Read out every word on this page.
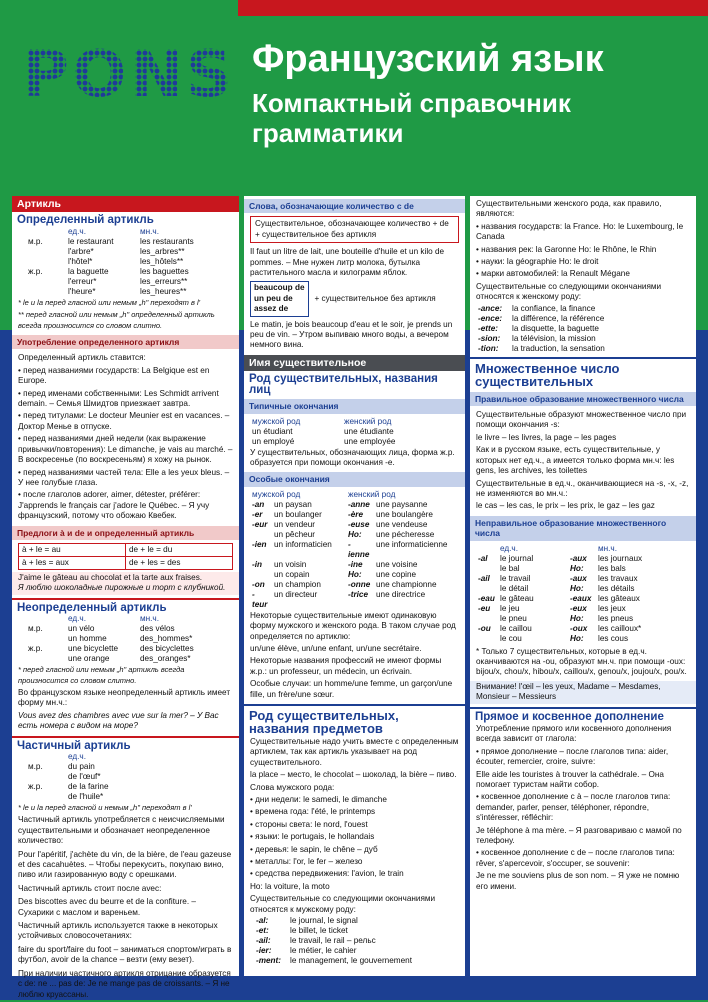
PONS Французский язык
Компактный справочник
грамматики
Артикль
Определенный артикль
	ед.ч.	мн.ч.
м.р.	le restaurant	les restaurants
	l'arbre*	les_arbres**
	l'hôtel*	les_hôtels**
ж.р.	la baguette	les baguettes
	l'erreur*	les_erreurs**
	l'heure*	les_heures**
* le и la перед гласной или немым „h" переходят в l'
** перед гласной или немым „h" определенный артикль всегда произносится со словом слитно.
Употребление определенного артикля
Определенный артикль ставится:
• перед названиями государств: La Belgique est en Europe.
• перед именами собственными: Les Schmidt arrivent demain. – Семья Шмидтов приезжает завтра.
• перед титулами: Le docteur Meunier est en vacances. – Доктор Менье в отпуске.
• перед названиями дней недели (как выражение привычки/повторения): Le dimanche, je vais au marché. – В воскресенье (по воскресеньям) я хожу на рынок.
• перед названиями частей тела: Elle a les yeux bleus. – У нее голубые глаза.
• после глаголов adorer, aimer, détester, préférer: J'apprends le français car j'adore le Québec. – Я учу французский, потому что обожаю Квебек.
Предлоги à и de и определенный артикль
à + le = au	de + le = du
à + les = aux	de + les = des
J'aime le gâteau au chocolat et la tarte aux fraises.
Я люблю шоколадные пирожные и торт с клубникой.
Неопределенный артикль
	ед.ч.	мн.ч.
м.р.	un vélo	des vélos
	un homme	des_hommes*
ж.р.	une bicyclette	des bicyclettes
	une orange	des_oranges*
* перед гласной или немым „h" артикль всегда произносится со словом слитно.
Во французском языке неопределенный артикль имеет форму мн.ч.:
Vous avez des chambres avec vue sur la mer? – У Вас есть номера с видом на море?
Частичный артикль
	ед.ч.
м.р.	du pain
	de l'œuf*
ж.р.	de la farine
	de l'huile*
* le и la перед гласной и немым „h" переходят в l'
Частичный артикль употребляется с неисчисляемыми существительными и обозначает неопределенное количество:
Pour l'apéritif, j'achète du vin, de la bière, de l'eau gazeuse et des cacahuètes. – Чтобы перекусить, покупаю вино, пиво или газированную воду с орешками.
Частичный артикль стоит после avec:
Des biscottes avec du beurre et de la confiture. – Сухарики с маслом и вареньем.
Частичный артикль используется также в некоторых устойчивых словосочетаниях:
faire du sport/faire du foot – заниматься спортом/играть в футбол, avoir de la chance – везти (ему везет).
При наличии частичного артикля отрицание образуется с de: ne ... pas de: Je ne mange pas de croissants. – Я не люблю круассаны.
Слова, обозначающие количество с de
Существительное, обозначающее количество + de + существительное без артикля
Il faut un litre de lait, une bouteille d'huile et un kilo de pommes. – Мне нужен литр молока, бутылка растительного масла и килограмм яблок.
beaucoup de
un peu de
assez de
+ существительное без артикля
Le matin, je bois beaucoup d'eau et le soir, je prends un peu de vin. – Утром выпиваю много воды, а вечером немного вина.
Имя существительное
Род существительных, названия лиц
Типичные окончания
мужской род	женский род
un étudiant	une étudiante
un employé	une employée
У существительных, обозначающих лица, форма ж.р. образуется при помощи окончания -e.
Особые окончания
мужской род		женский род	
-an	un paysan	-anne	une paysanne
-er	un boulanger	-ère	une boulangère
-eur	un vendeur	-euse	une vendeuse
	un pêcheur	Но:	une pécheresse
-ien	un informaticien	-ienne	une informaticienne
-in	un voisin	-ine	une voisine
	un copain	Но:	une copine
-on	un champion	-onne	une championne
-teur	un directeur	-trice	une directrice
Некоторые существительные имеют одинаковую форму мужского и женского рода. В таком случае род определяется по артиклю:
un/une élève, un/une enfant, un/une secrétaire.
Некоторые названия профессий не имеют формы ж.р.: un professeur, un médecin, un écrivain.
Особые случаи: un homme/une femme, un garçon/une fille, un frère/une sœur.
Род существительных, названия предметов
Существительные надо учить вместе с определенным артиклем, так как артикль указывает на род существительного.
la place – место, le chocolat – шоколад, la bière – пиво.
Слова мужского рода:
• дни недели: le samedi, le dimanche
• времена года: l'été, le printemps
• стороны света: le nord, l'ouest
• языки: le portugais, le hollandais
• деревья: le sapin, le chêne – дуб
• металлы: l'or, le fer – железо
• средства передвижения: l'avion, le train
Но: la voiture, la moto
Существительные со следующими окончаниями относятся к мужскому роду:
-al:	le journal, le signal
-et:	le billet, le ticket
-ail:	le travail, le rail – рельс
-ier:	le métier, le cahier
-ment:	le management, le gouvernement
Существительными женского рода, как правило, являются:
• названия государств: la France. Но: le Luxembourg, le Canada
• названия рек: la Garonne Но: le Rhône, le Rhin
• науки: la géographie Но: le droit
• марки автомобилей: la Renault Mégane
Существительные со следующими окончаниями относятся к женскому роду:
-ance:	la confiance, la finance
-ence:	la différence, la référence
-ette:	la disquette, la baguette
-sion:	la télévision, la mission
-tion:	la traduction, la sensation
Множественное число существительных
Правильное образование множественного числа
Существительные образуют множественное число при помощи окончания -s:
le livre – les livres, la page – les pages
Как и в русском языке, есть существительные, у которых нет ед.ч., а имеется только форма мн.ч: les gens, les archives, les toilettes
Существительные в ед.ч., оканчивающиеся на -s, -x, -z, не изменяются во мн.ч.:
le cas – les cas, le prix – les prix, le gaz – les gaz
Неправильное образование множественного числа
	ед.ч.		мн.ч.
-al	le journal	-aux	les journaux
	le bal	Но:	les bals
-ail	le travail	-aux	les travaux
	le détail	Но:	les détails
-eau	le gâteau	-eaux	les gâteaux
-eu	le jeu	-eux	les jeux
	le pneu	Но:	les pneus
-ou	le caillou	-oux	les cailloux*
	le cou	Но:	les cous
* Только 7 существительных, которые в ед.ч. оканчиваются на -ou, образуют мн.ч. при помощи -oux: bijou/x, chou/x, hibou/x, caillou/x, genou/x, joujou/x, pou/x.
Внимание! l'œil – les yeux, Madame – Mesdames, Monsieur – Messieurs
Прямое и косвенное дополнение
Употребление прямого или косвенного дополнения всегда зависит от глагола:
• прямое дополнение – после глаголов типа: aider, écouter, remercier, croire, suivre:
Elle aide les touristes à trouver la cathédrale. – Она помогает туристам найти собор.
• косвенное дополнение с à – после глаголов типа: demander, parler, penser, téléphoner, répondre, s'intéresser, réfléchir:
Je téléphone à ma mère. – Я разговариваю с мамой по телефону.
• косвенное дополнение с de – после глаголов типа: rêver, s'apercevoir, s'occuper, se souvenir:
Je ne me souviens plus de son nom. – Я уже не помню его имени.
